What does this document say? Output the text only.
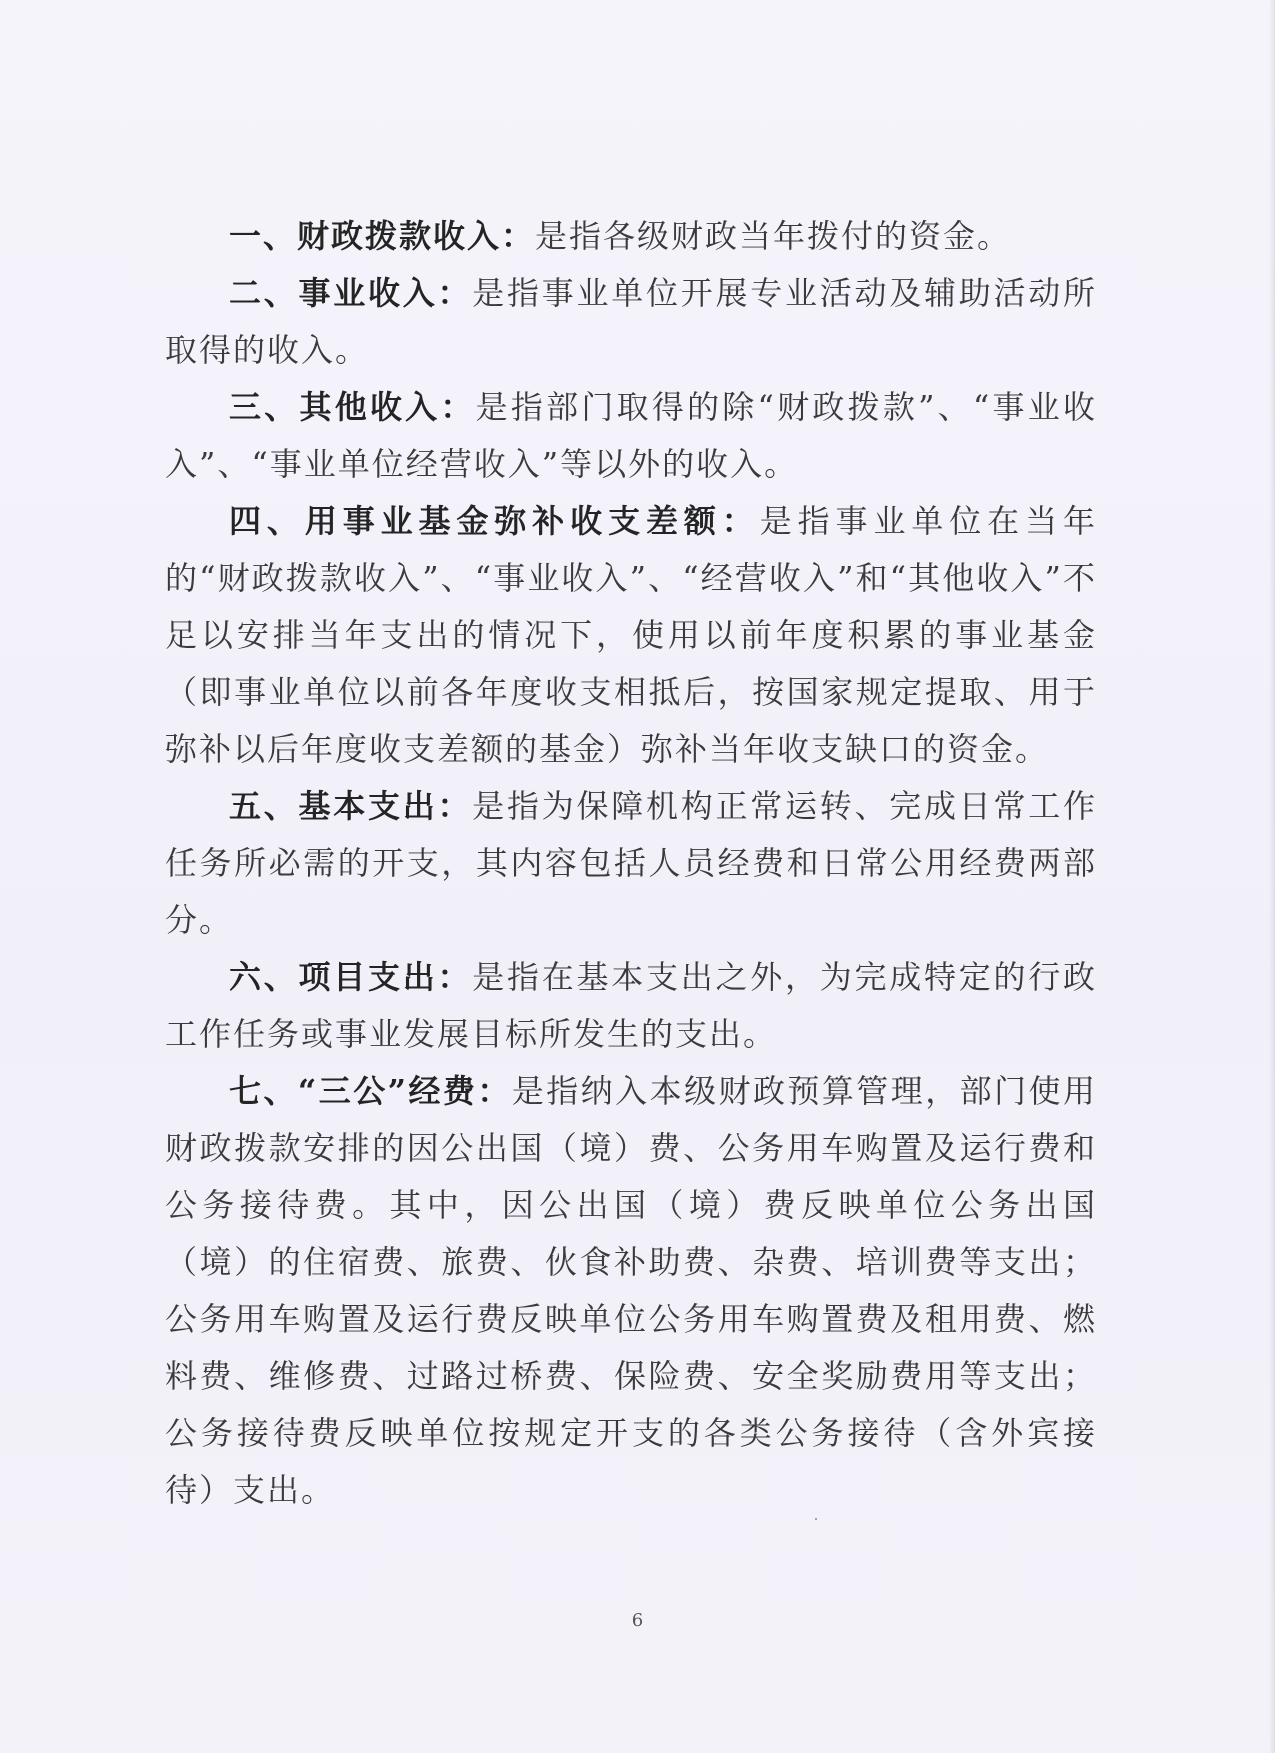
一、财政拨款收入：是指各级财政当年拨付的资金。

二、事业收入：是指事业单位开展专业活动及辅助活动所取得的收入。

三、其他收入：是指部门取得的除“财政拨款”、“事业收入”、“事业单位经营收入”等以外的收入。

四、用事业基金弥补收支差额：是指事业单位在当年的“财政拨款收入”、“事业收入”、“经营收入”和“其他收入”不足以安排当年支出的情况下，使用以前年度积累的事业基金（即事业单位以前各年度收支相抵后，按国家规定提取、用于弥补以后年度收支差额的基金）弥补当年收支缺口的资金。

五、基本支出：是指为保障机构正常运转、完成日常工作任务所必需的开支，其内容包括人员经费和日常公用经费两部分。

六、项目支出：是指在基本支出之外，为完成特定的行政工作任务或事业发展目标所发生的支出。

七、“三公”经费：是指纳入本级财政预算管理，部门使用财政拨款安排的因公出国（境）费、公务用车购置及运行费和公务接待费。其中，因公出国（境）费反映单位公务出国（境）的住宿费、旅费、伙食补助费、杂费、培训费等支出；公务用车购置及运行费反映单位公务用车购置费及租用费、燃料费、维修费、过路过桥费、保险费、安全奖励费用等支出；公务接待费反映单位按规定开支的各类公务接待（含外宾接待）支出。

6
